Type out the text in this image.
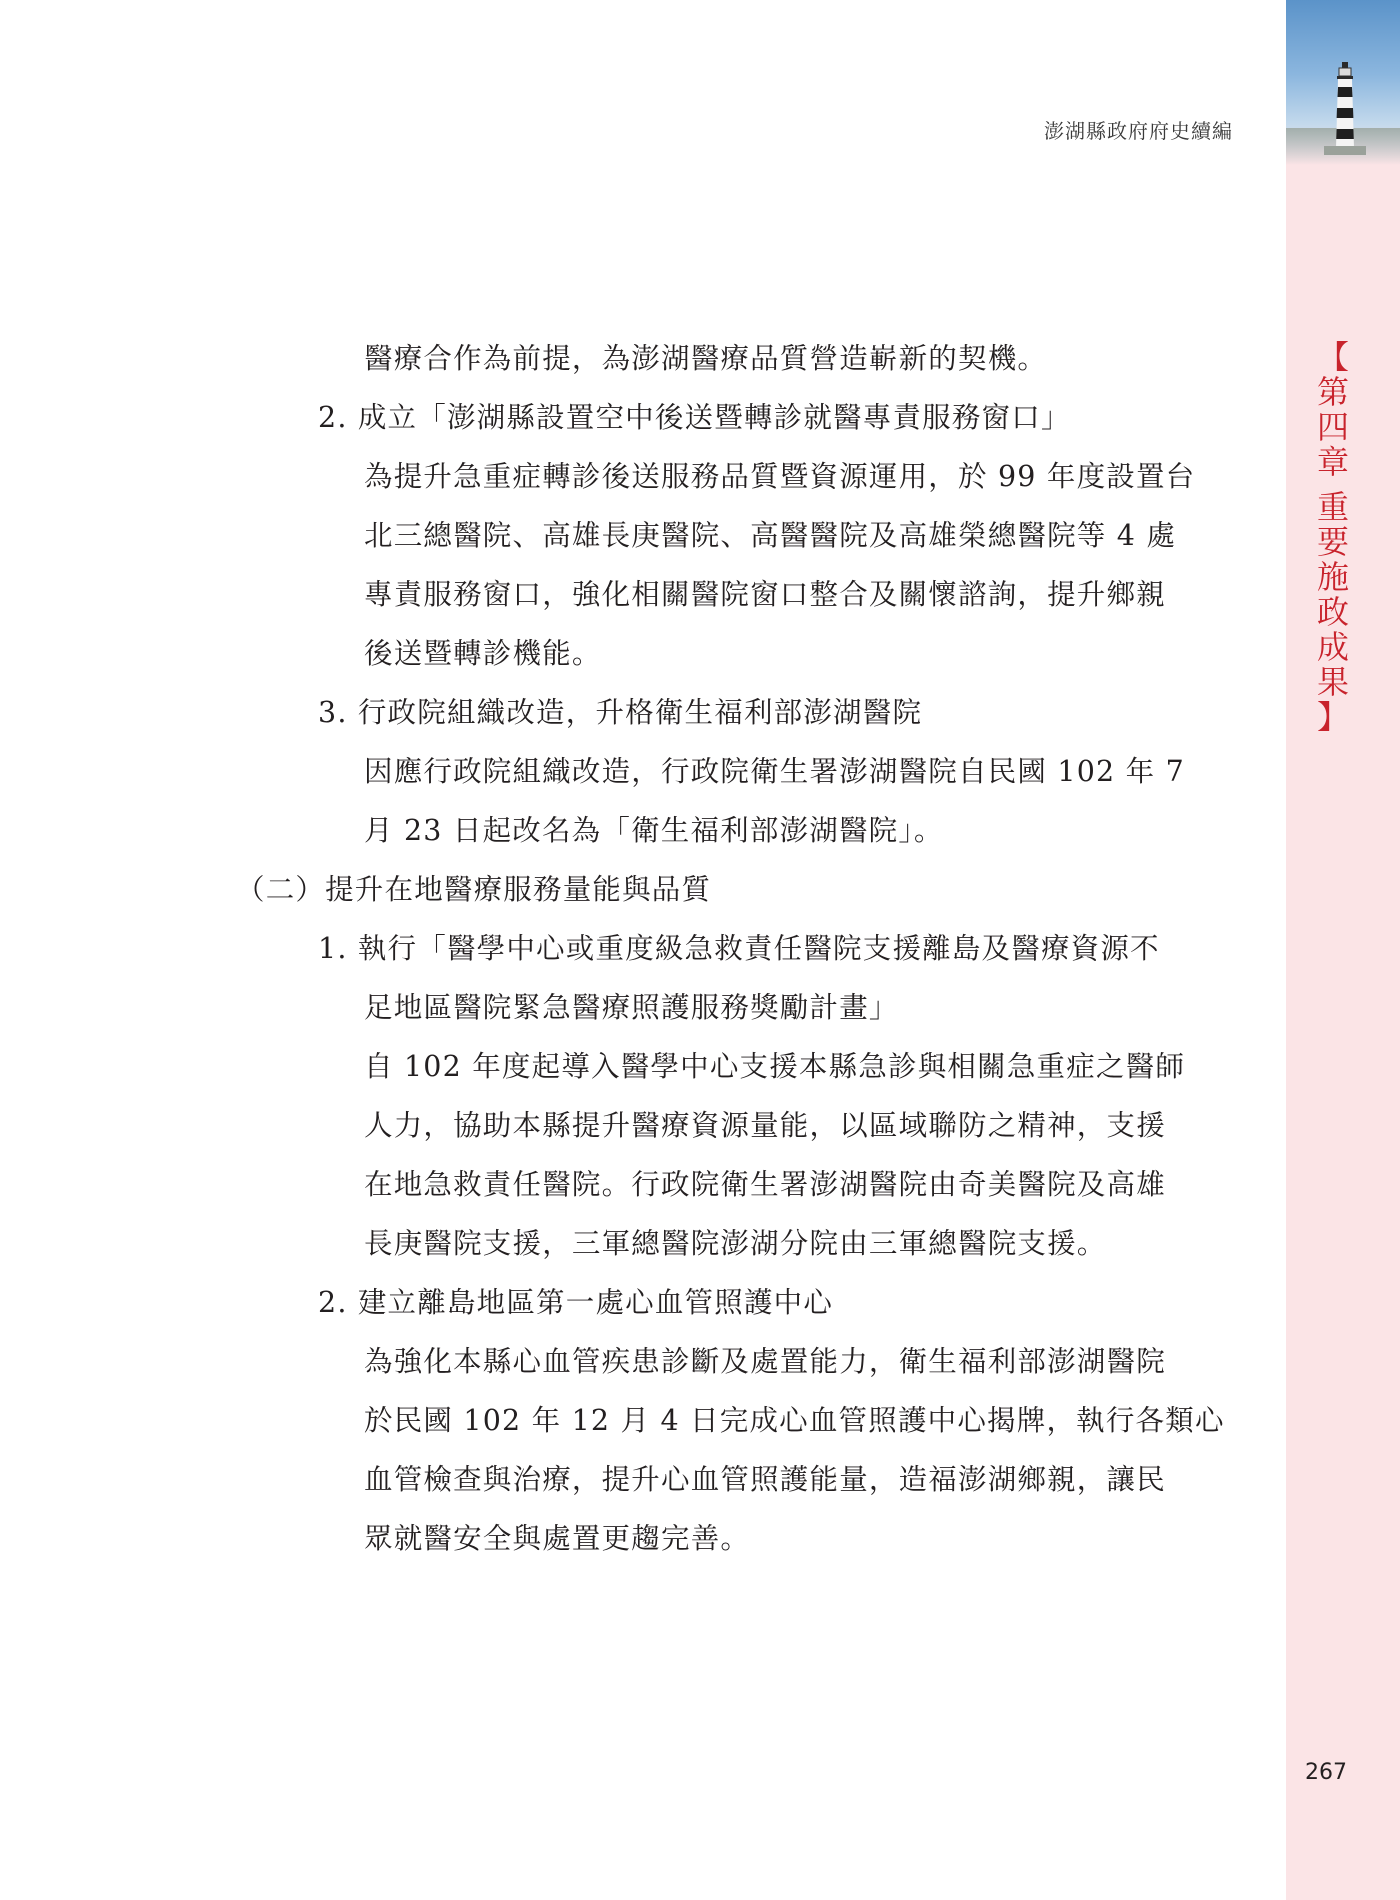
澎湖縣政府府史續編
【
第
四
章
重
要
施
政
成
果
】
醫療合作為前提，為澎湖醫療品質營造嶄新的契機。
2. 成立「澎湖縣設置空中後送暨轉診就醫專責服務窗口」
為提升急重症轉診後送服務品質暨資源運用，於 99 年度設置台
北三總醫院、高雄長庚醫院、高醫醫院及高雄榮總醫院等 4 處
專責服務窗口，強化相關醫院窗口整合及關懷諮詢，提升鄉親
後送暨轉診機能。
3. 行政院組織改造，升格衛生福利部澎湖醫院
因應行政院組織改造，行政院衛生署澎湖醫院自民國 102 年 7
月 23 日起改名為「衛生福利部澎湖醫院」。
（二）提升在地醫療服務量能與品質
1. 執行「醫學中心或重度級急救責任醫院支援離島及醫療資源不
足地區醫院緊急醫療照護服務獎勵計畫」
自 102 年度起導入醫學中心支援本縣急診與相關急重症之醫師
人力，協助本縣提升醫療資源量能，以區域聯防之精神，支援
在地急救責任醫院。行政院衛生署澎湖醫院由奇美醫院及高雄
長庚醫院支援，三軍總醫院澎湖分院由三軍總醫院支援。
2. 建立離島地區第一處心血管照護中心
為強化本縣心血管疾患診斷及處置能力，衛生福利部澎湖醫院
於民國 102 年 12 月 4 日完成心血管照護中心揭牌，執行各類心
血管檢查與治療，提升心血管照護能量，造福澎湖鄉親，讓民
眾就醫安全與處置更趨完善。
267
